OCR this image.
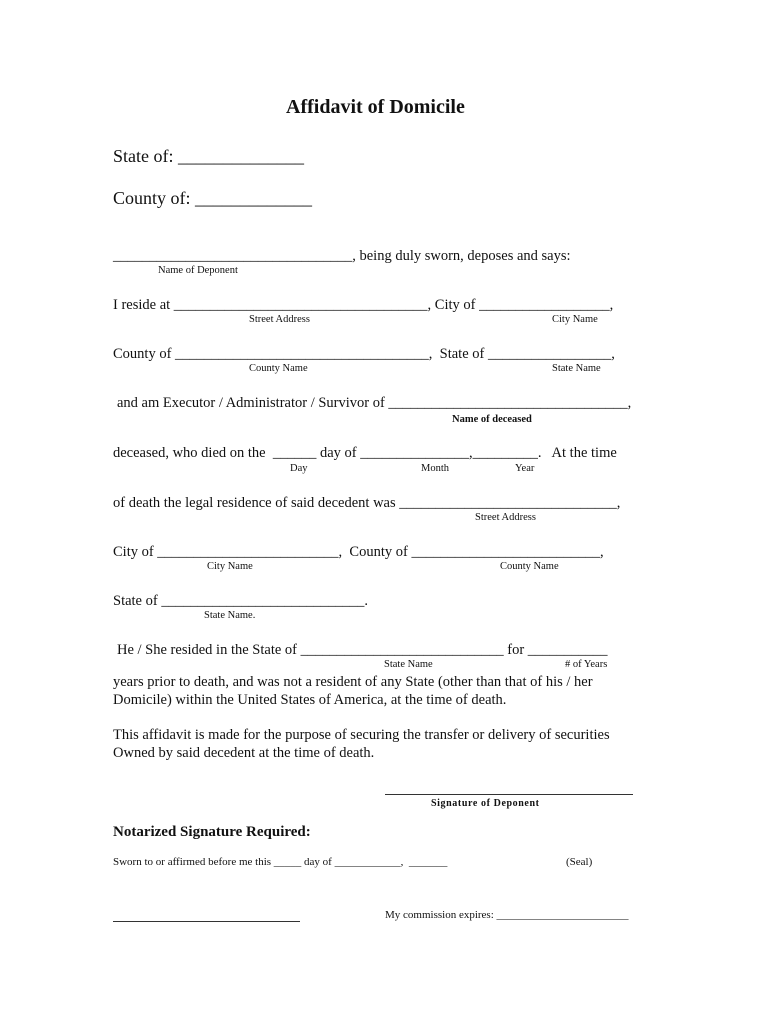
Affidavit of Domicile
State of: ______________
County of: _____________
_________________________________, being duly sworn, deposes and says:
Name of Deponent
I reside at ___________________________________, City of __________________,
Street Address	City Name
County of ___________________________________,  State of _________________,
County Name	State Name
and am Executor / Administrator / Survivor of _________________________________,
Name of deceased
deceased, who died on the  ______ day of _______________,_________.   At the time
Day	Month	Year
of death the legal residence of said decedent was ______________________________,
Street Address
City of _________________________,  County of __________________________,
City Name	County Name
State of ____________________________.
State Name.
He / She resided in the State of ____________________________ for ___________
State Name	# of Years
years prior to death, and was not a resident of any State (other than that of his / her
Domicile) within the United States of America, at the time of death.
This affidavit is made for the purpose of securing the transfer or delivery of securities
Owned by said decedent at the time of death.
Signature of Deponent
Notarized Signature Required:
Sworn to or affirmed before me this _____ day of ____________,  _______	(Seal)
My commission expires: ________________________
